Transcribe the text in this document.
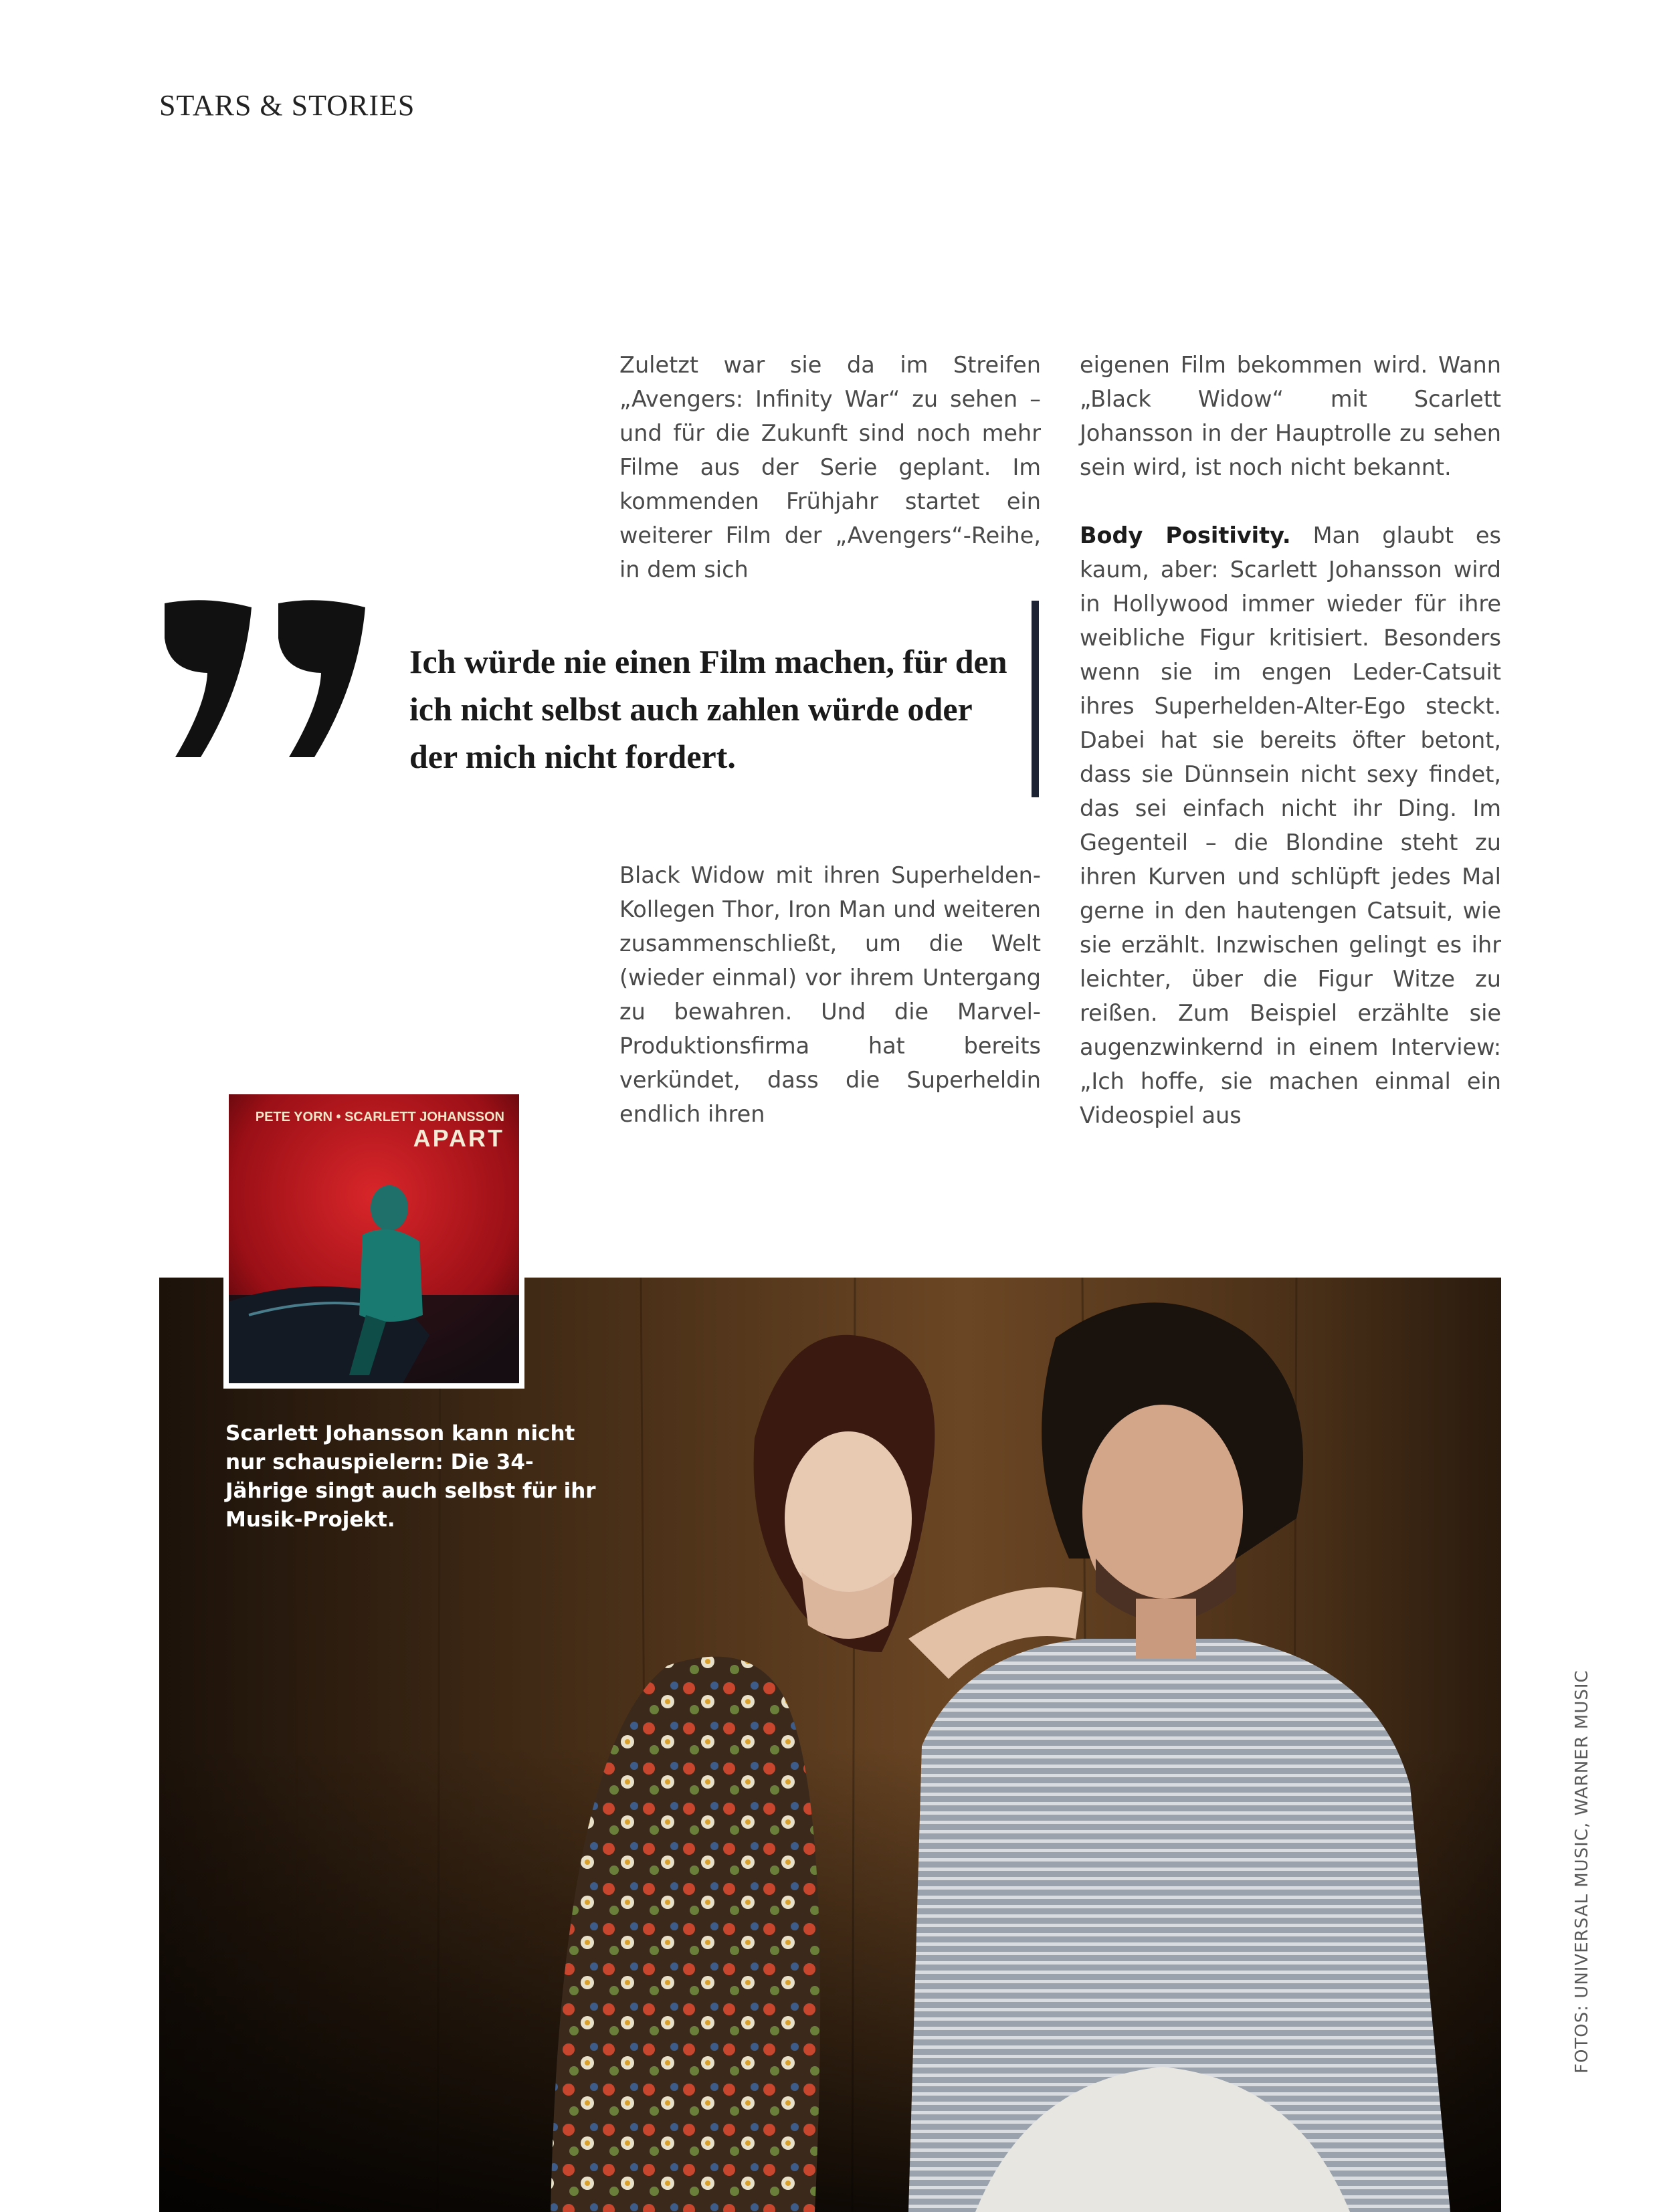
STARS & STORIES

Zuletzt war sie da im Streifen „Avengers: Infinity War“ zu sehen – und für die Zukunft sind noch mehr Filme aus der Serie geplant. Im kommenden Frühjahr startet ein weiterer Film der „Avengers“-Reihe, in dem sich

Ich würde nie einen Film machen, für den ich nicht selbst auch zahlen würde oder der mich nicht fordert.

Black Widow mit ihren Superhelden-Kollegen Thor, Iron Man und weiteren zusammenschließt, um die Welt (wieder einmal) vor ihrem Untergang zu bewahren. Und die Marvel-Produktionsfirma hat bereits verkündet, dass die Superheldin endlich ihren

eigenen Film bekommen wird. Wann „Black Widow“ mit Scarlett Johansson in der Hauptrolle zu sehen sein wird, ist noch nicht bekannt.

Body Positivity. Man glaubt es kaum, aber: Scarlett Johansson wird in Hollywood immer wieder für ihre weibliche Figur kritisiert. Besonders wenn sie im engen Leder-Catsuit ihres Superhelden-Alter-Ego steckt. Dabei hat sie bereits öfter betont, dass sie Dünnsein nicht sexy findet, das sei einfach nicht ihr Ding. Im Gegenteil – die Blondine steht zu ihren Kurven und schlüpft jedes Mal gerne in den hautengen Catsuit, wie sie erzählt. Inzwischen gelingt es ihr leichter, über die Figur Witze zu reißen. Zum Beispiel erzählte sie augenzwinkernd in einem Interview: „Ich hoffe, sie machen einmal ein Videospiel aus

PETE YORN • SCARLETT JOHANSSON
APART
Scarlett Johansson kann nicht nur schauspielern: Die 34-Jährige singt auch selbst für ihr Musik-Projekt.
FOTOS: UNIVERSAL MUSIC, WARNER MUSIC
